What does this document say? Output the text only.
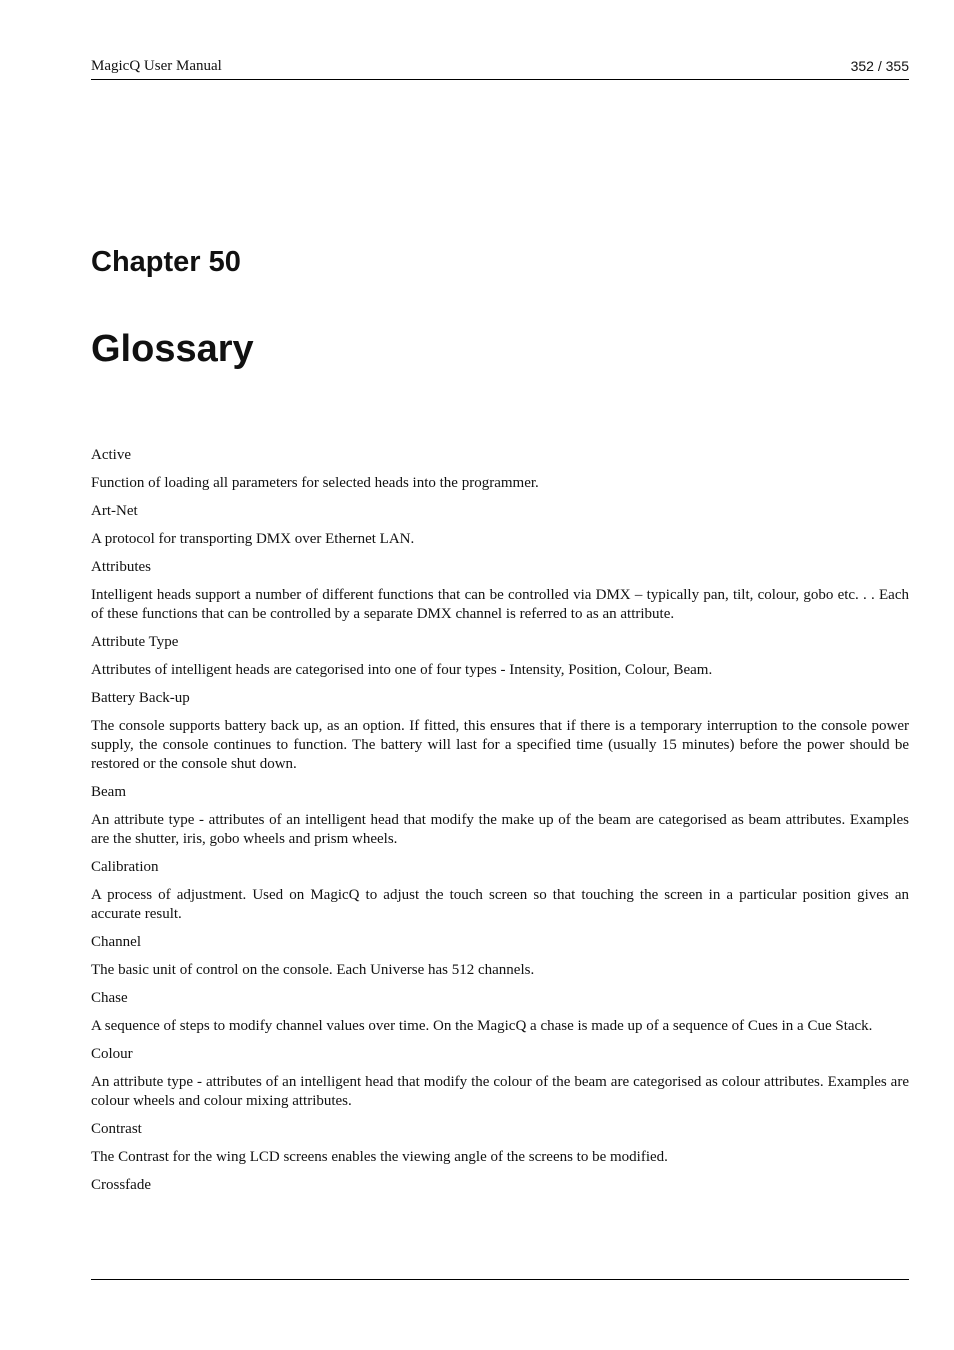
MagicQ User Manual	352 / 355
Chapter 50
Glossary

Active

Function of loading all parameters for selected heads into the programmer.

Art-Net

A protocol for transporting DMX over Ethernet LAN.

Attributes

Intelligent heads support a number of different functions that can be controlled via DMX – typically pan, tilt, colour, gobo etc. . . Each of these functions that can be controlled by a separate DMX channel is referred to as an attribute.

Attribute Type

Attributes of intelligent heads are categorised into one of four types - Intensity, Position, Colour, Beam.

Battery Back-up

The console supports battery back up, as an option. If fitted, this ensures that if there is a temporary interruption to the console power supply, the console continues to function. The battery will last for a specified time (usually 15 minutes) before the power should be restored or the console shut down.

Beam

An attribute type - attributes of an intelligent head that modify the make up of the beam are categorised as beam attributes. Examples are the shutter, iris, gobo wheels and prism wheels.

Calibration

A process of adjustment. Used on MagicQ to adjust the touch screen so that touching the screen in a particular position gives an accurate result.

Channel

The basic unit of control on the console. Each Universe has 512 channels.

Chase

A sequence of steps to modify channel values over time. On the MagicQ a chase is made up of a sequence of Cues in a Cue Stack.

Colour

An attribute type - attributes of an intelligent head that modify the colour of the beam are categorised as colour attributes. Examples are colour wheels and colour mixing attributes.

Contrast

The Contrast for the wing LCD screens enables the viewing angle of the screens to be modified.

Crossfade
